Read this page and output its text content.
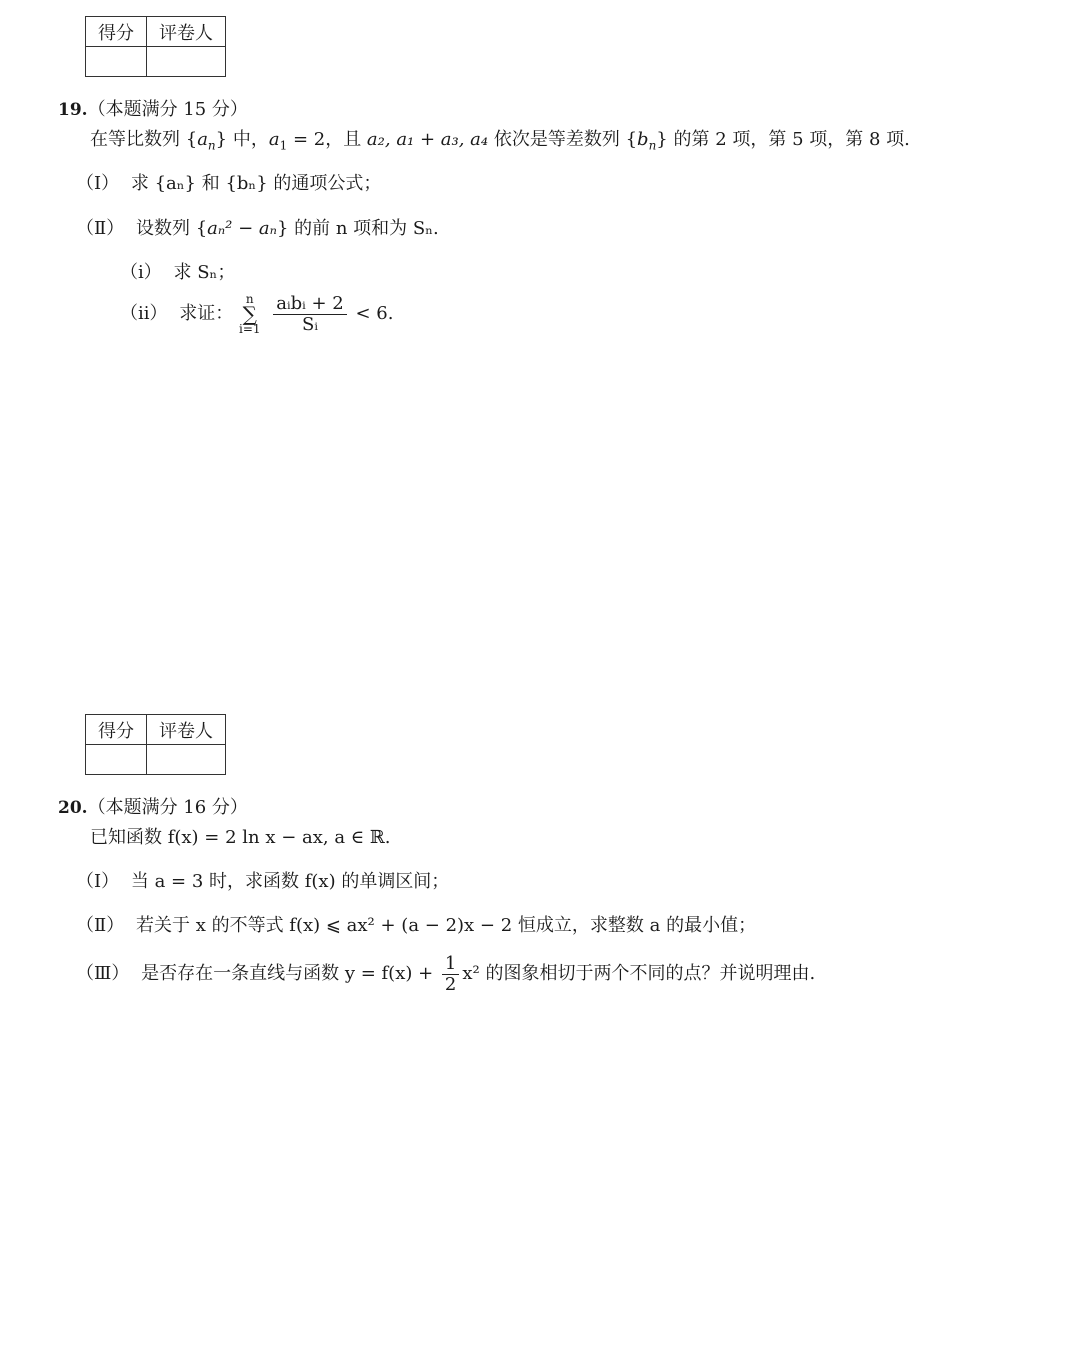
得分	评卷人

19.（本题满分 15 分）
在等比数列 $\{a_n\}$ 中，$a_1 = 2$，且 a₂, a₁ + a₃, a₄ 依次是等差数列 $\{b_n\}$ 的第 2 项，第 5 项，第 8 项.
（Ⅰ） 求 {aₙ} 和 {bₙ} 的通项公式；
（Ⅱ） 设数列 {aₙ² − aₙ} 的前 n 项和为 Sₙ.
（ⅰ） 求 Sₙ；
（ⅱ） 求证：
n
∑
i=1
$\frac{\text{aᵢbᵢ + 2}}{\text{Sᵢ}} < 6$.
得分	评卷人

20.（本题满分 16 分）
已知函数 f(x) = 2 ln x − ax, a ∈ ℝ.
（Ⅰ） 当 a = 3 时，求函数 f(x) 的单调区间；
（Ⅱ） 若关于 x 的不等式 f(x) ⩽ ax² + (a − 2)x − 2 恒成立，求整数 a 的最小值；
（Ⅲ） 是否存在一条直线与函数 $y = f(x) + \frac{1}{2} x^2$ 的图象相切于两个不同的点？并说明理由.
